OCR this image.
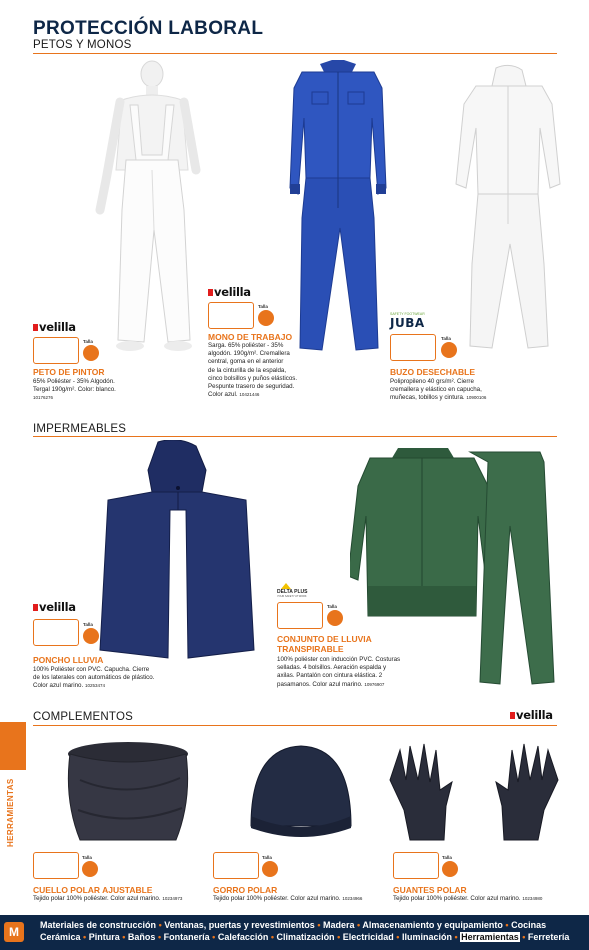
PROTECCIÓN LABORAL
PETOS Y MONOS
velilla
Talla
PETO DE PINTOR
65% Poliéster - 35% Algodón.
Tergal 190g/m². Color: blanco.
10176276
velilla
Talla
MONO DE TRABAJO
Sarga. 65% poliéster - 35%
algodón. 190g/m². Cremallera
central, goma en el anterior
de la cinturilla de la espalda,
cinco bolsillos y puños elásticos.
Pespunte trasero de seguridad.
Color azul. 10421446
SAFETY FOOTWEAR
JUBA
Talla
BUZO DESECHABLE
Polipropileno 40 grs/m². Cierre
cremallera y elástico en capucha,
muñecas, tobillos y cintura. 10900106
IMPERMEABLES
velilla
Talla
PONCHO LLUVIA
100% Poliéster con PVC. Capucha. Cierre
de los laterales con automáticos de plástico.
Color azul marino. 10253474
DELTA PLUS
YOUR SAFETY AT WORK
Talla
CONJUNTO DE LLUVIA
TRANSPIRABLE
100% poliéster con inducción PVC. Costuras
selladas. 4 bolsillos. Aeración espalda y
axilas. Pantalón con cintura elástica. 2
pasamanos. Color azul marino. 10976907
COMPLEMENTOS	velilla
HERRAMIENTAS
Talla
CUELLO POLAR AJUSTABLE
Tejido polar 100% poliéster. Color azul marino. 10234973
Talla
GORRO POLAR
Tejido polar 100% poliéster. Color azul marino. 10234966
Talla
GUANTES POLAR
Tejido polar 100% poliéster. Color azul marino. 10234980
M	Materiales de construcción • Ventanas, puertas y revestimientos • Madera • Almacenamiento y equipamiento • Cocinas
Cerámica • Pintura • Baños • Fontanería • Calefacción • Climatización • Electricidad • Iluminación • Herramientas • Ferretería
